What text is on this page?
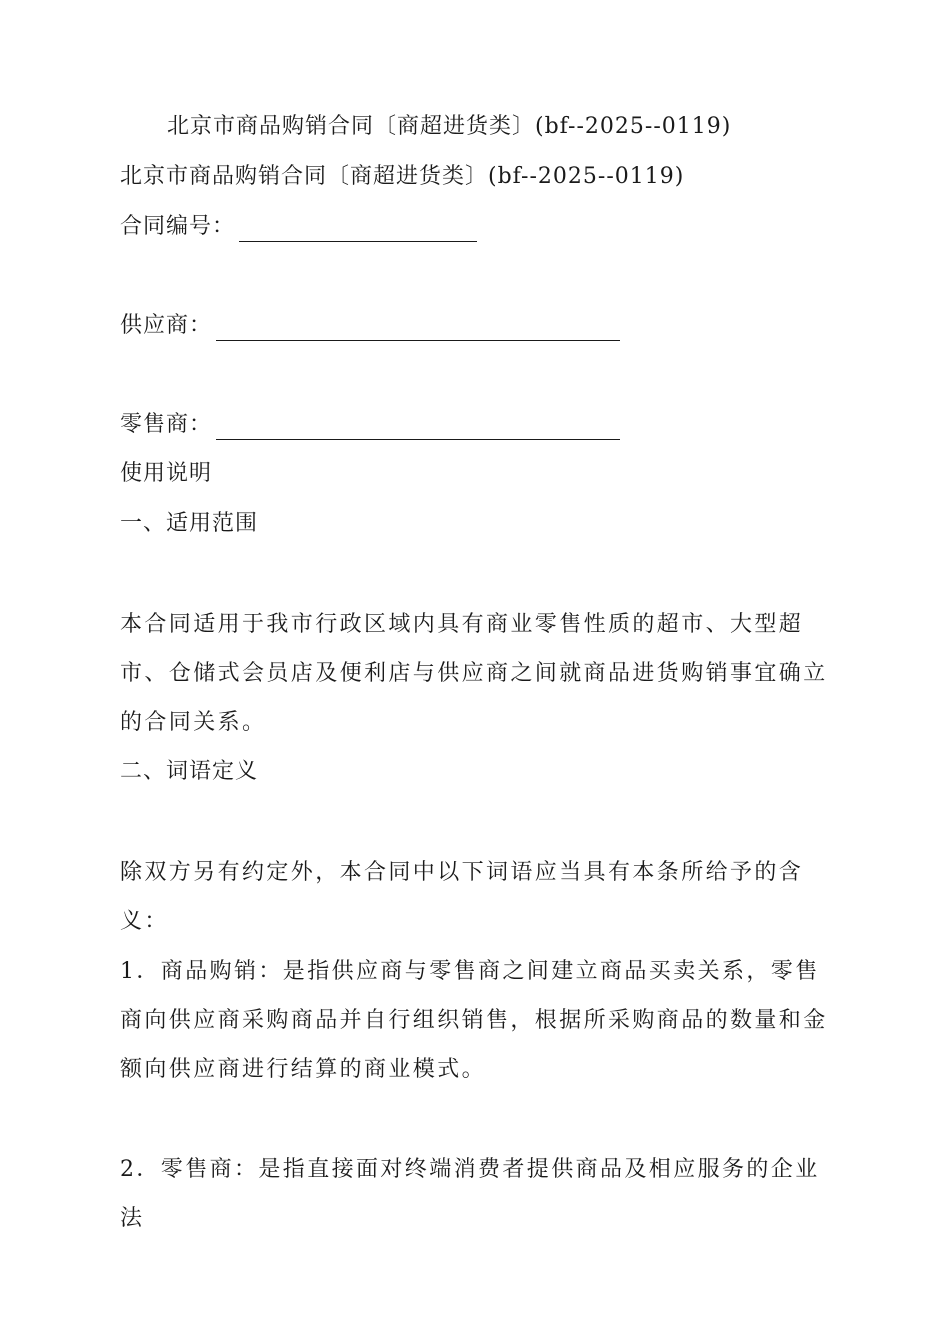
北京市商品购销合同〔商超进货类〕(bf--2025--0119)
北京市商品购销合同〔商超进货类〕(bf--2025--0119)
合同编号：
供应商：
零售商：
使用说明
一、适用范围

本合同适用于我市行政区域内具有商业零售性质的超市、大型超市、仓储式会员店及便利店与供应商之间就商品进货购销事宜确立的合同关系。

二、词语定义

除双方另有约定外，本合同中以下词语应当具有本条所给予的含义：

1．商品购销：是指供应商与零售商之间建立商品买卖关系，零售商向供应商采购商品并自行组织销售，根据所采购商品的数量和金额向供应商进行结算的商业模式。

2．零售商：是指直接面对终端消费者提供商品及相应服务的企业法
